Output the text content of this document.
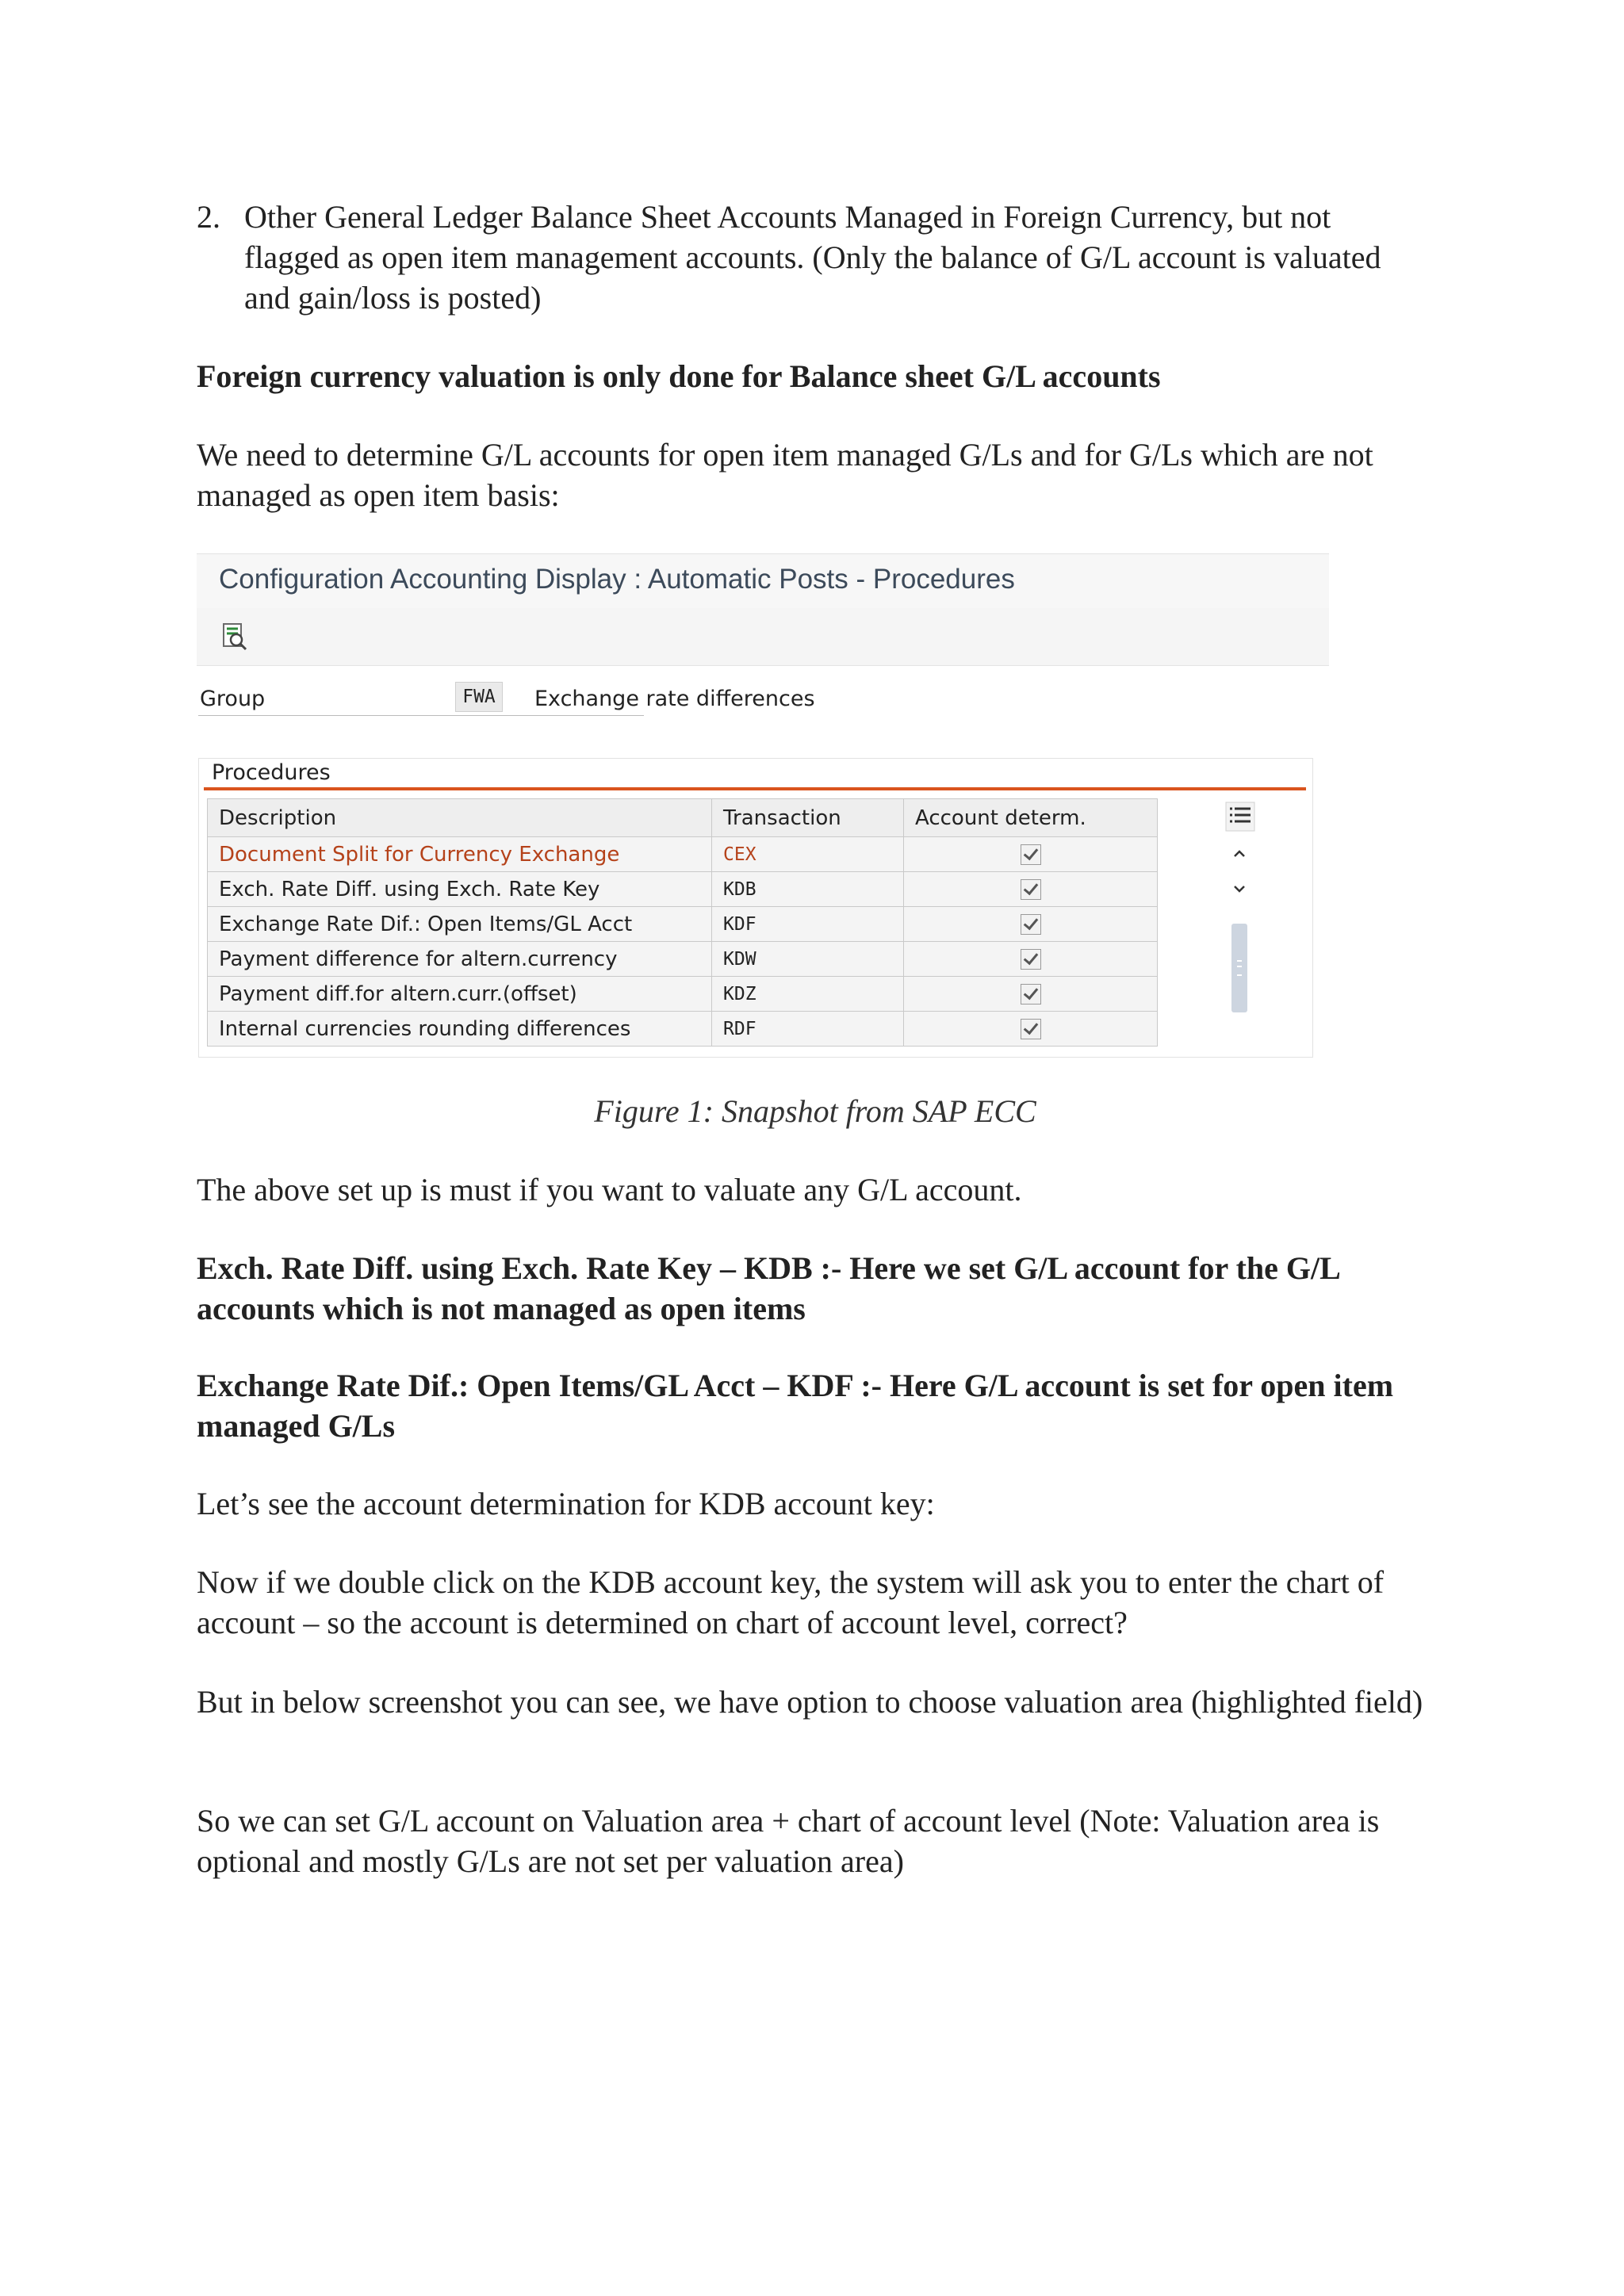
2. Other General Ledger Balance Sheet Accounts Managed in Foreign Currency, but not flagged as open item management accounts. (Only the balance of G/L account is valuated and gain/loss is posted)

Foreign currency valuation is only done for Balance sheet G/L accounts

We need to determine G/L accounts for open item managed G/Ls and for G/Ls which are not managed as open item basis:

Configuration Accounting Display : Automatic Posts - Procedures
Group	FWA	Exchange rate differences
Procedures
Description	Transaction	Account determ.
Document Split for Currency Exchange	CEX	
Exch. Rate Diff. using Exch. Rate Key	KDB	
Exchange Rate Dif.: Open Items/GL Acct	KDF	
Payment difference for altern.currency	KDW	
Payment diff.for altern.curr.(offset)	KDZ	
Internal currencies rounding differences	RDF	
Figure 1: Snapshot from SAP ECC

The above set up is must if you want to valuate any G/L account.

Exch. Rate Diff. using Exch. Rate Key – KDB :- Here we set G/L account for the G/L accounts which is not managed as open items

Exchange Rate Dif.: Open Items/GL Acct – KDF :- Here G/L account is set for open item managed G/Ls

Let’s see the account determination for KDB account key:

Now if we double click on the KDB account key, the system will ask you to enter the chart of account – so the account is determined on chart of account level, correct?

But in below screenshot you can see, we have option to choose valuation area (highlighted field)

So we can set G/L account on Valuation area + chart of account level (Note: Valuation area is optional and mostly G/Ls are not set per valuation area)
